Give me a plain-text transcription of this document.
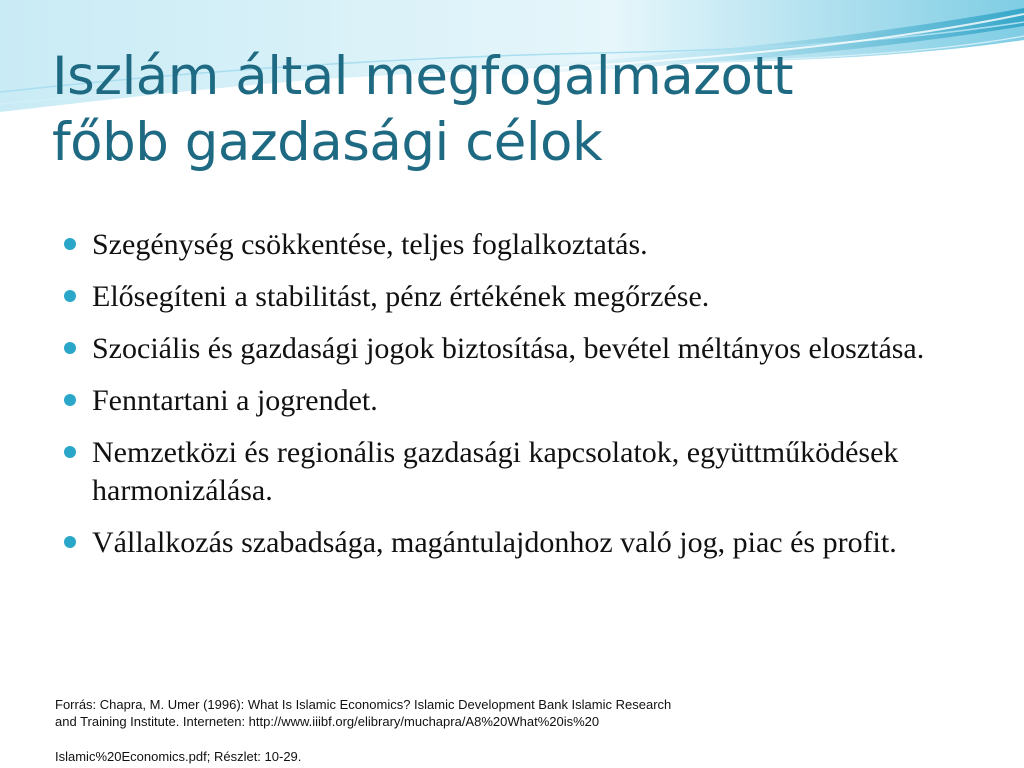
Iszlám által megfogalmazott
főbb gazdasági célok
Szegénység csökkentése, teljes foglalkoztatás.
Elősegíteni a stabilitást, pénz értékének megőrzése.
Szociális és gazdasági jogok biztosítása, bevétel méltányos elosztása.
Fenntartani a jogrendet.
Nemzetközi és regionális gazdasági kapcsolatok, együttműködések harmonizálása.
Vállalkozás szabadsága, magántulajdonhoz való jog, piac és profit.
Forrás: Chapra, M. Umer (1996): What Is Islamic Economics? Islamic Development Bank Islamic Research
and Training Institute. Interneten: http://www.iiibf.org/elibrary/muchapra/A8%20What%20is%20
Islamic%20Economics.pdf; Részlet: 10-29.
